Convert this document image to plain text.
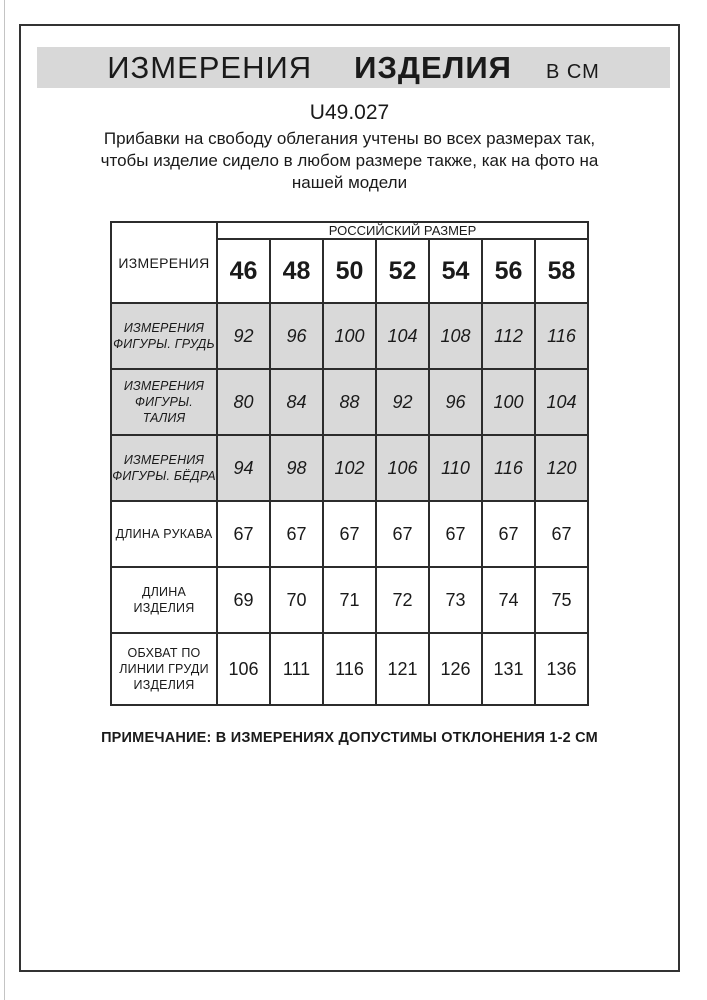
ИЗМЕРЕНИЯ ИЗДЕЛИЯ В СМ
U49.027

Прибавки на свободу облегания учтены во всех размерах так, чтобы изделие сидело в любом размере также, как на фото на нашей модели

ИЗМЕРЕНИЯ	РОССИЙСКИЙ РАЗМЕР						
	46	48	50	52	54	56	58
ИЗМЕРЕНИЯ ФИГУРЫ. ГРУДЬ	92	96	100	104	108	112	116
ИЗМЕРЕНИЯ ФИГУРЫ. ТАЛИЯ	80	84	88	92	96	100	104
ИЗМЕРЕНИЯ ФИГУРЫ. БЁДРА	94	98	102	106	110	116	120
ДЛИНА РУКАВА	67	67	67	67	67	67	67
ДЛИНА ИЗДЕЛИЯ	69	70	71	72	73	74	75
ОБХВАТ ПО ЛИНИИ ГРУДИ ИЗДЕЛИЯ	106	111	116	121	126	131	136
ПРИМЕЧАНИЕ: В ИЗМЕРЕНИЯХ ДОПУСТИМЫ ОТКЛОНЕНИЯ 1-2 СМ
